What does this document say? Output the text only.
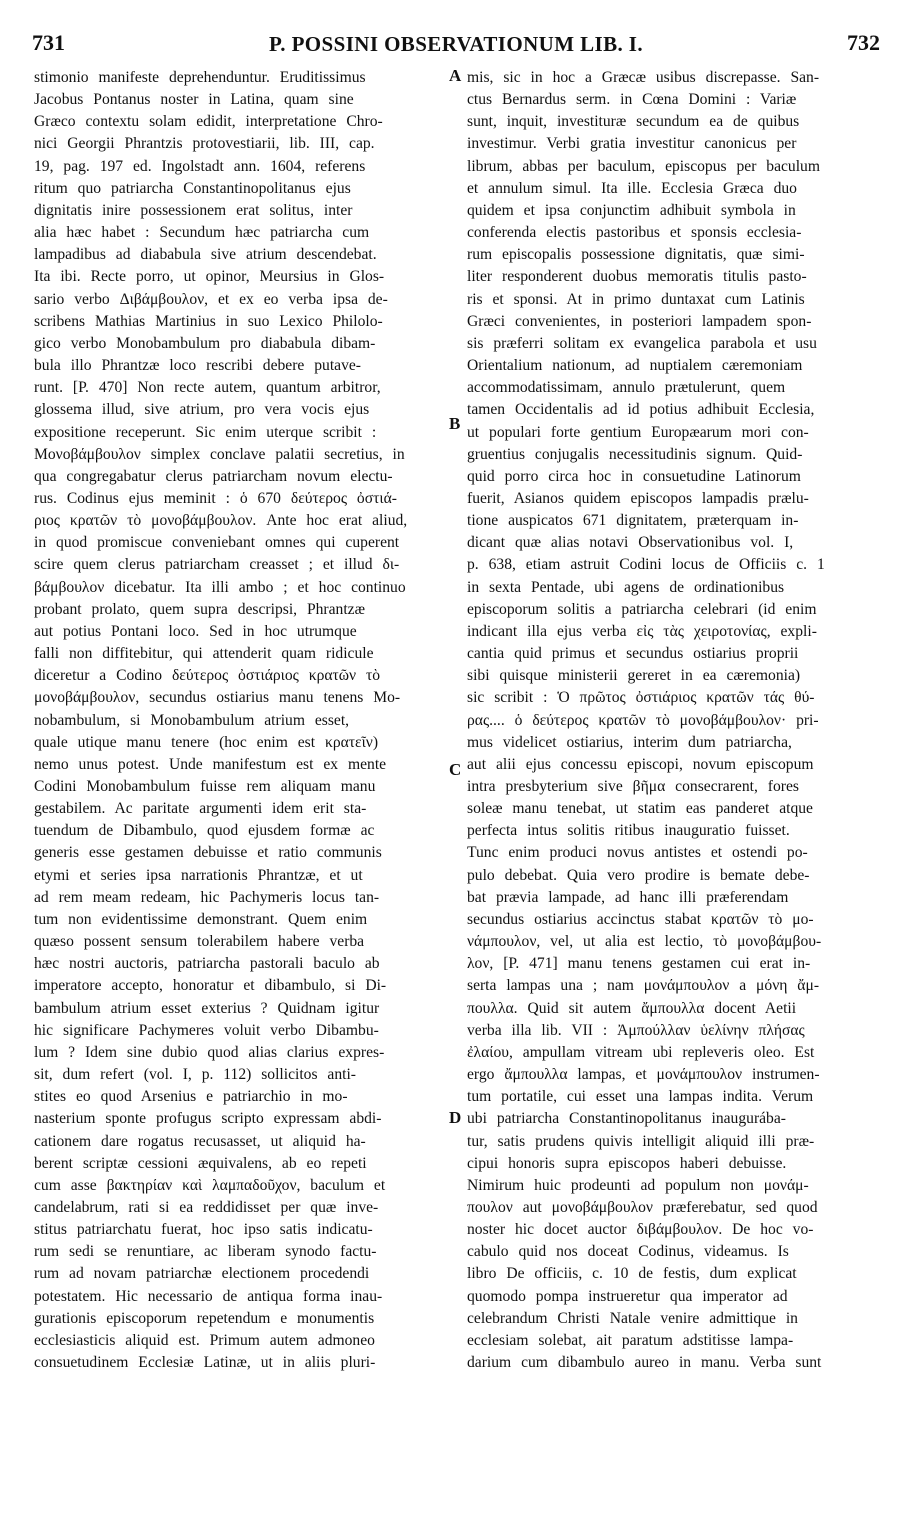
731	P. POSSINI OBSERVATIONUM LIB. I.	732
stimonio manifeste deprehenduntur. Eruditissimus
Jacobus Pontanus noster in Latina, quam sine
Græco contextu solam edidit, interpretatione Chro-
nici Georgii Phrantzis protovestiarii, lib. III, cap.
19, pag. 197 ed. Ingolstadt ann. 1604, referens
ritum quo patriarcha Constantinopolitanus ejus
dignitatis inire possessionem erat solitus, inter
alia hæc habet : Secundum hæc patriarcha cum
lampadibus ad diababula sive atrium descendebat.
Ita ibi. Recte porro, ut opinor, Meursius in Glos-
sario verbo Διβάμβουλον, et ex eo verba ipsa de-
scribens Mathias Martinius in suo Lexico Philolo-
gico verbo Monobambulum pro diababula dibam-
bula illo Phrantzæ loco rescribi debere putave-
runt. [P. 470] Non recte autem, quantum arbitror,
glossema illud, sive atrium, pro vera vocis ejus
expositione receperunt. Sic enim uterque scribit :
Μονοβάμβουλον simplex conclave palatii secretius, in
qua congregabatur clerus patriarcham novum electu-
rus. Codinus ejus meminit : ὁ 670 δεύτερος ὀστιά-
ριος κρατῶν τὸ μονοβάμβουλον. Ante hoc erat aliud,
in quod promiscue conveniebant omnes qui cuperent
scire quem clerus patriarcham creasset ; et illud δι-
βάμβουλον dicebatur. Ita illi ambo ; et hoc continuo
probant prolato, quem supra descripsi, Phrantzæ
aut potius Pontani loco. Sed in hoc utrumque
falli non diffitebitur, qui attenderit quam ridicule
diceretur a Codino δεύτερος ὀστιάριος κρατῶν τὸ
μονοβάμβουλον, secundus ostiarius manu tenens Mo-
nobambulum, si Monobambulum atrium esset,
quale utique manu tenere (hoc enim est κρατεῖν)
nemo unus potest. Unde manifestum est ex mente
Codini Monobambulum fuisse rem aliquam manu
gestabilem. Ac paritate argumenti idem erit sta-
tuendum de Dibambulo, quod ejusdem formæ ac
generis esse gestamen debuisse et ratio communis
etymi et series ipsa narrationis Phrantzæ, et ut
ad rem meam redeam, hic Pachymeris locus tan-
tum non evidentissime demonstrant. Quem enim
quæso possent sensum tolerabilem habere verba
hæc nostri auctoris, patriarcha pastorali baculo ab
imperatore accepto, honoratur et dibambulo, si Di-
bambulum atrium esset exterius ? Quidnam igitur
hic significare Pachymeres voluit verbo Dibambu-
lum ? Idem sine dubio quod alias clarius expres-
sit, dum refert (vol. I, p. 112) sollicitos anti-
stites eo quod Arsenius e patriarchio in mo-
nasterium sponte profugus scripto expressam abdi-
cationem dare rogatus recusasset, ut aliquid ha-
berent scriptæ cessioni æquivalens, ab eo repeti
cum asse βακτηρίαν καὶ λαμπαδοῦχον, baculum et
candelabrum, rati si ea reddidisset per quæ inve-
stitus patriarchatu fuerat, hoc ipso satis indicatu-
rum sedi se renuntiare, ac liberam synodo factu-
rum ad novam patriarchæ electionem procedendi
potestatem. Hic necessario de antiqua forma inau-
gurationis episcoporum repetendum e monumentis
ecclesiasticis aliquid est. Primum autem admoneo
consuetudinem Ecclesiæ Latinæ, ut in aliis pluri-
mis, sic in hoc a Græcæ usibus discrepasse. San-
ctus Bernardus serm. in Cœna Domini : Variæ
sunt, inquit, investituræ secundum ea de quibus
investimur. Verbi gratia investitur canonicus per
librum, abbas per baculum, episcopus per baculum
et annulum simul. Ita ille. Ecclesia Græca duo
quidem et ipsa conjunctim adhibuit symbola in
conferenda electis pastoribus et sponsis ecclesia-
rum episcopalis possessione dignitatis, quæ simi-
liter responderent duobus memoratis titulis pasto-
ris et sponsi. At in primo duntaxat cum Latinis
Græci convenientes, in posteriori lampadem spon-
sis præferri solitam ex evangelica parabola et usu
Orientalium nationum, ad nuptialem cæremoniam
accommodatissimam, annulo prætulerunt, quem
tamen Occidentalis ad id potius adhibuit Ecclesia,
ut populari forte gentium Europæarum mori con-
gruentius conjugalis necessitudinis signum. Quid-
quid porro circa hoc in consuetudine Latinorum
fuerit, Asianos quidem episcopos lampadis prælu-
tione auspicatos 671 dignitatem, præterquam in-
dicant quæ alias notavi Observationibus vol. I,
p. 638, etiam astruit Codini locus de Officiis c. 1
in sexta Pentade, ubi agens de ordinationibus
episcoporum solitis a patriarcha celebrari (id enim
indicant illa ejus verba εἰς τὰς χειροτονίας, expli-
cantia quid primus et secundus ostiarius proprii
sibi quisque ministerii gereret in ea cæremonia)
sic scribit : Ὁ πρῶτος ὀστιάριος κρατῶν τάς θύ-
ρας.... ὁ δεύτερος κρατῶν τὸ μονοβάμβουλον· pri-
mus videlicet ostiarius, interim dum patriarcha,
aut alii ejus concessu episcopi, novum episcopum
intra presbyterium sive βῆμα consecrarent, fores
soleæ manu tenebat, ut statim eas panderet atque
perfecta intus solitis ritibus inauguratio fuisset.
Tunc enim produci novus antistes et ostendi po-
pulo debebat. Quia vero prodire is bemate debe-
bat prævia lampade, ad hanc illi præferendam
secundus ostiarius accinctus stabat κρατῶν τὸ μο-
νάμπουλον, vel, ut alia est lectio, τὸ μονοβάμβου-
λον, [P. 471] manu tenens gestamen cui erat in-
serta lampas una ; nam μονάμπουλον a μόνη ἄμ-
πουλλα. Quid sit autem ἄμπουλλα docent Aetii
verba illa lib. VII : Ἀμπούλλαν ὑελίνην πλήσας
ἐλαίου, ampullam vitream ubi repleveris oleo. Est
ergo ἄμπουλλα lampas, et μονάμπουλον instrumen-
tum portatile, cui esset una lampas indita. Verum
ubi patriarcha Constantinopolitanus inaugurába-
tur, satis prudens quivis intelligit aliquid illi præ-
cipui honoris supra episcopos haberi debuisse.
Nimirum huic prodeunti ad populum non μονάμ-
πουλον aut μονοβάμβουλον præferebatur, sed quod
noster hic docet auctor διβάμβουλον. De hoc vo-
cabulo quid nos doceat Codinus, videamus. Is
libro De officiis, c. 10 de festis, dum explicat
quomodo pompa instrueretur qua imperator ad
celebrandum Christi Natale venire admittique in
ecclesiam solebat, ait paratum adstitisse lampa-
darium cum dibambulo aureo in manu. Verba sunt
A
B
C
D
